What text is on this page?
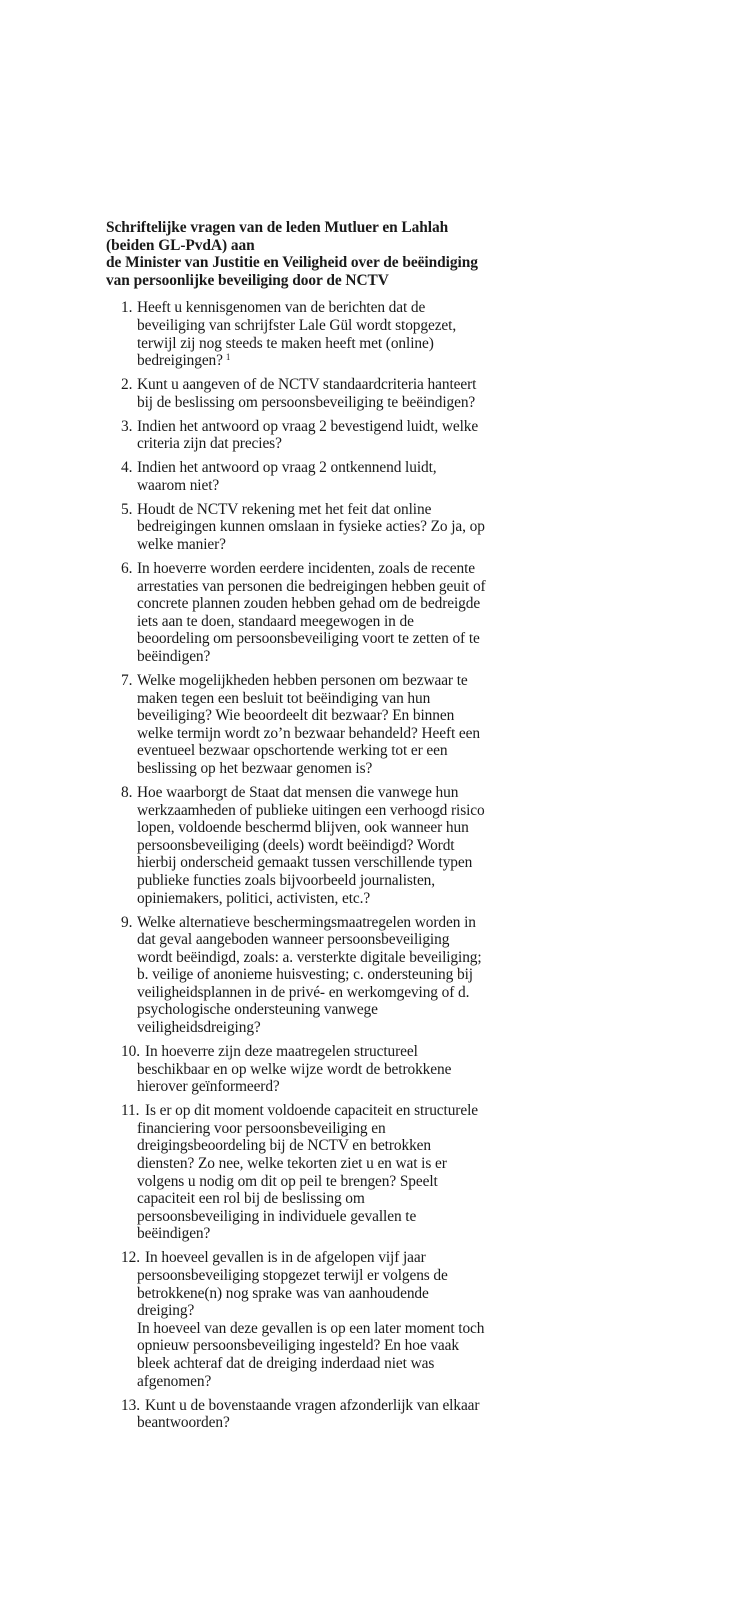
Schriftelijke vragen van de leden Mutluer en Lahlah
(beiden GL-PvdA) aan
de Minister van Justitie en Veiligheid over de beëindiging
van persoonlijke beveiliging door de NCTV
1. Heeft u kennisgenomen van de berichten dat de
beveiliging van schrijfster Lale Gül wordt stopgezet,
terwijl zij nog steeds te maken heeft met (online)
bedreigingen? $^1$
2. Kunt u aangeven of de NCTV standaardcriteria hanteert
bij de beslissing om persoonsbeveiliging te beëindigen?
3. Indien het antwoord op vraag 2 bevestigend luidt, welke
criteria zijn dat precies?
4. Indien het antwoord op vraag 2 ontkennend luidt,
waarom niet?
5. Houdt de NCTV rekening met het feit dat online
bedreigingen kunnen omslaan in fysieke acties? Zo ja, op
welke manier?
6. In hoeverre worden eerdere incidenten, zoals de recente
arrestaties van personen die bedreigingen hebben geuit of
concrete plannen zouden hebben gehad om de bedreigde
iets aan te doen, standaard meegewogen in de
beoordeling om persoonsbeveiliging voort te zetten of te
beëindigen?
7. Welke mogelijkheden hebben personen om bezwaar te
maken tegen een besluit tot beëindiging van hun
beveiliging? Wie beoordeelt dit bezwaar? En binnen
welke termijn wordt zo’n bezwaar behandeld? Heeft een
eventueel bezwaar opschortende werking tot er een
beslissing op het bezwaar genomen is?
8. Hoe waarborgt de Staat dat mensen die vanwege hun
werkzaamheden of publieke uitingen een verhoogd risico
lopen, voldoende beschermd blijven, ook wanneer hun
persoonsbeveiliging (deels) wordt beëindigd? Wordt
hierbij onderscheid gemaakt tussen verschillende typen
publieke functies zoals bijvoorbeeld journalisten,
opiniemakers, politici, activisten, etc.?
9. Welke alternatieve beschermingsmaatregelen worden in
dat geval aangeboden wanneer persoonsbeveiliging
wordt beëindigd, zoals: a. versterkte digitale beveiliging;
b. veilige of anonieme huisvesting; c. ondersteuning bij
veiligheidsplannen in de privé- en werkomgeving of d.
psychologische ondersteuning vanwege
veiligheidsdreiging?
10. In hoeverre zijn deze maatregelen structureel
beschikbaar en op welke wijze wordt de betrokkene
hierover geïnformeerd?
11. Is er op dit moment voldoende capaciteit en structurele
financiering voor persoonsbeveiliging en
dreigingsbeoordeling bij de NCTV en betrokken
diensten? Zo nee, welke tekorten ziet u en wat is er
volgens u nodig om dit op peil te brengen? Speelt
capaciteit een rol bij de beslissing om
persoonsbeveiliging in individuele gevallen te
beëindigen?
12. In hoeveel gevallen is in de afgelopen vijf jaar
persoonsbeveiliging stopgezet terwijl er volgens de
betrokkene(n) nog sprake was van aanhoudende
dreiging?
In hoeveel van deze gevallen is op een later moment toch
opnieuw persoonsbeveiliging ingesteld? En hoe vaak
bleek achteraf dat de dreiging inderdaad niet was
afgenomen?
13. Kunt u de bovenstaande vragen afzonderlijk van elkaar
beantwoorden?
